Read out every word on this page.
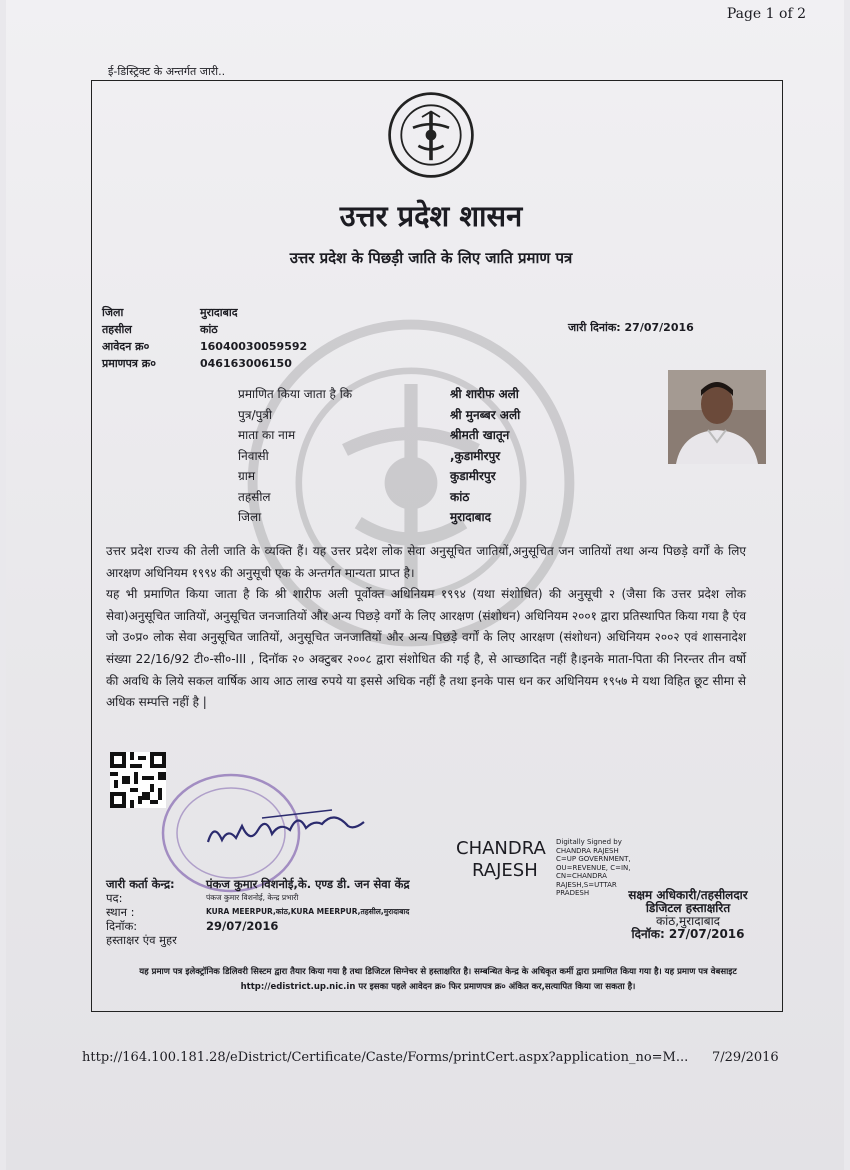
Page 1 of 2
ई-डिस्ट्रिक्ट के अन्तर्गत जारी..
उत्तर प्रदेश शासन
उत्तर प्रदेश के पिछड़ी जाति के लिए जाति प्रमाण पत्र
जिला	मुरादाबाद
तहसील	कांठ
आवेदन क्र०	16040030059592
प्रमाणपत्र क्र०	046163006150
जारी दिनांक: 27/07/2016
प्रमाणित किया जाता है कि	श्री शारीफ अली
पुत्र/पुत्री	श्री मुनब्बर अली
माता का नाम	श्रीमती खातून
निवासी	,कुडामीरपुर
ग्राम	कुडामीरपुर
तहसील	कांठ
जिला	मुरादाबाद

उत्तर प्रदेश राज्य की तेली जाति के व्यक्ति हैं। यह उत्तर प्रदेश लोक सेवा अनुसूचित जातियों,अनुसूचित जन जातियों तथा अन्य पिछड़े वर्गों के लिए आरक्षण अधिनियम १९९४ की अनुसूची एक के अन्तर्गत मान्यता प्राप्त है।

यह भी प्रमाणित किया जाता है कि श्री शारीफ अली पूर्वोक्त अधिनियम १९९४ (यथा संशोधित) की अनुसूची २ (जैसा कि उत्तर प्रदेश लोक सेवा)अनुसूचित जातियों, अनुसूचित जनजातियों और अन्य पिछड़े वर्गों के लिए आरक्षण (संशोधन) अधिनियम २००१ द्वारा प्रतिस्थापित किया गया है एंव जो उ०प्र० लोक सेवा अनुसूचित जातियों, अनुसूचित जनजातियों और अन्य पिछड़े वर्गों के लिए आरक्षण (संशोधन) अधिनियम २००२ एवं शासनादेश संख्या 22/16/92 टी०-सी०-III , दिनॉक २० अक्टुबर २००८ द्वारा संशोधित की गई है, से आच्छादित नहीं है।इनके माता-पिता की निरन्तर तीन वर्षो की अवधि के लिये सकल वार्षिक आय आठ लाख रुपये या इससे अधिक नहीं है तथा इनके पास धन कर अधिनियम १९५७ मे यथा विहित छूट सीमा से अधिक सम्पत्ति नहीं है |

CHANDRA
RAJESH
Digitally Signed by CHANDRA RAJESH C=UP GOVERNMENT, OU=REVENUE, C=IN, CN=CHANDRA RAJESH,S=UTTAR PRADESH
जारी कर्ता केन्द्र:	पंकज कुमार विशनोई,के. एण्ड डी. जन सेवा केंद्र
पद:	पंकज कुमार विशनोई, केन्द्र प्रभारी
स्थान :	KURA MEERPUR,कांठ,KURA MEERPUR,तहसील,मुरादाबाद
दिनॉक:	29/07/2016
हस्ताक्षर एंव मुहर
सक्षम अधिकारी/तहसीलदार
डिजिटल हस्ताक्षरित
कांठ,मुरादाबाद
दिनॉक: 27/07/2016
यह प्रमाण पत्र इलेक्ट्रॉनिक डिलिवरी सिस्टम द्वारा तैयार किया गया है तथा डिजिटल सिग्नेचर से हस्ताक्षरित है। सम्बन्धित केन्द्र के अधिकृत कर्मी द्वारा प्रमाणित किया गया है। यह प्रमाण पत्र वेबसाइट http://edistrict.up.nic.in पर इसका पहले आवेदन क्र० फिर प्रमाणपत्र क्र० अंकित कर,सत्यापित किया जा सकता है।
http://164.100.181.28/eDistrict/Certificate/Caste/Forms/printCert.aspx?application_no=M... 7/29/2016
